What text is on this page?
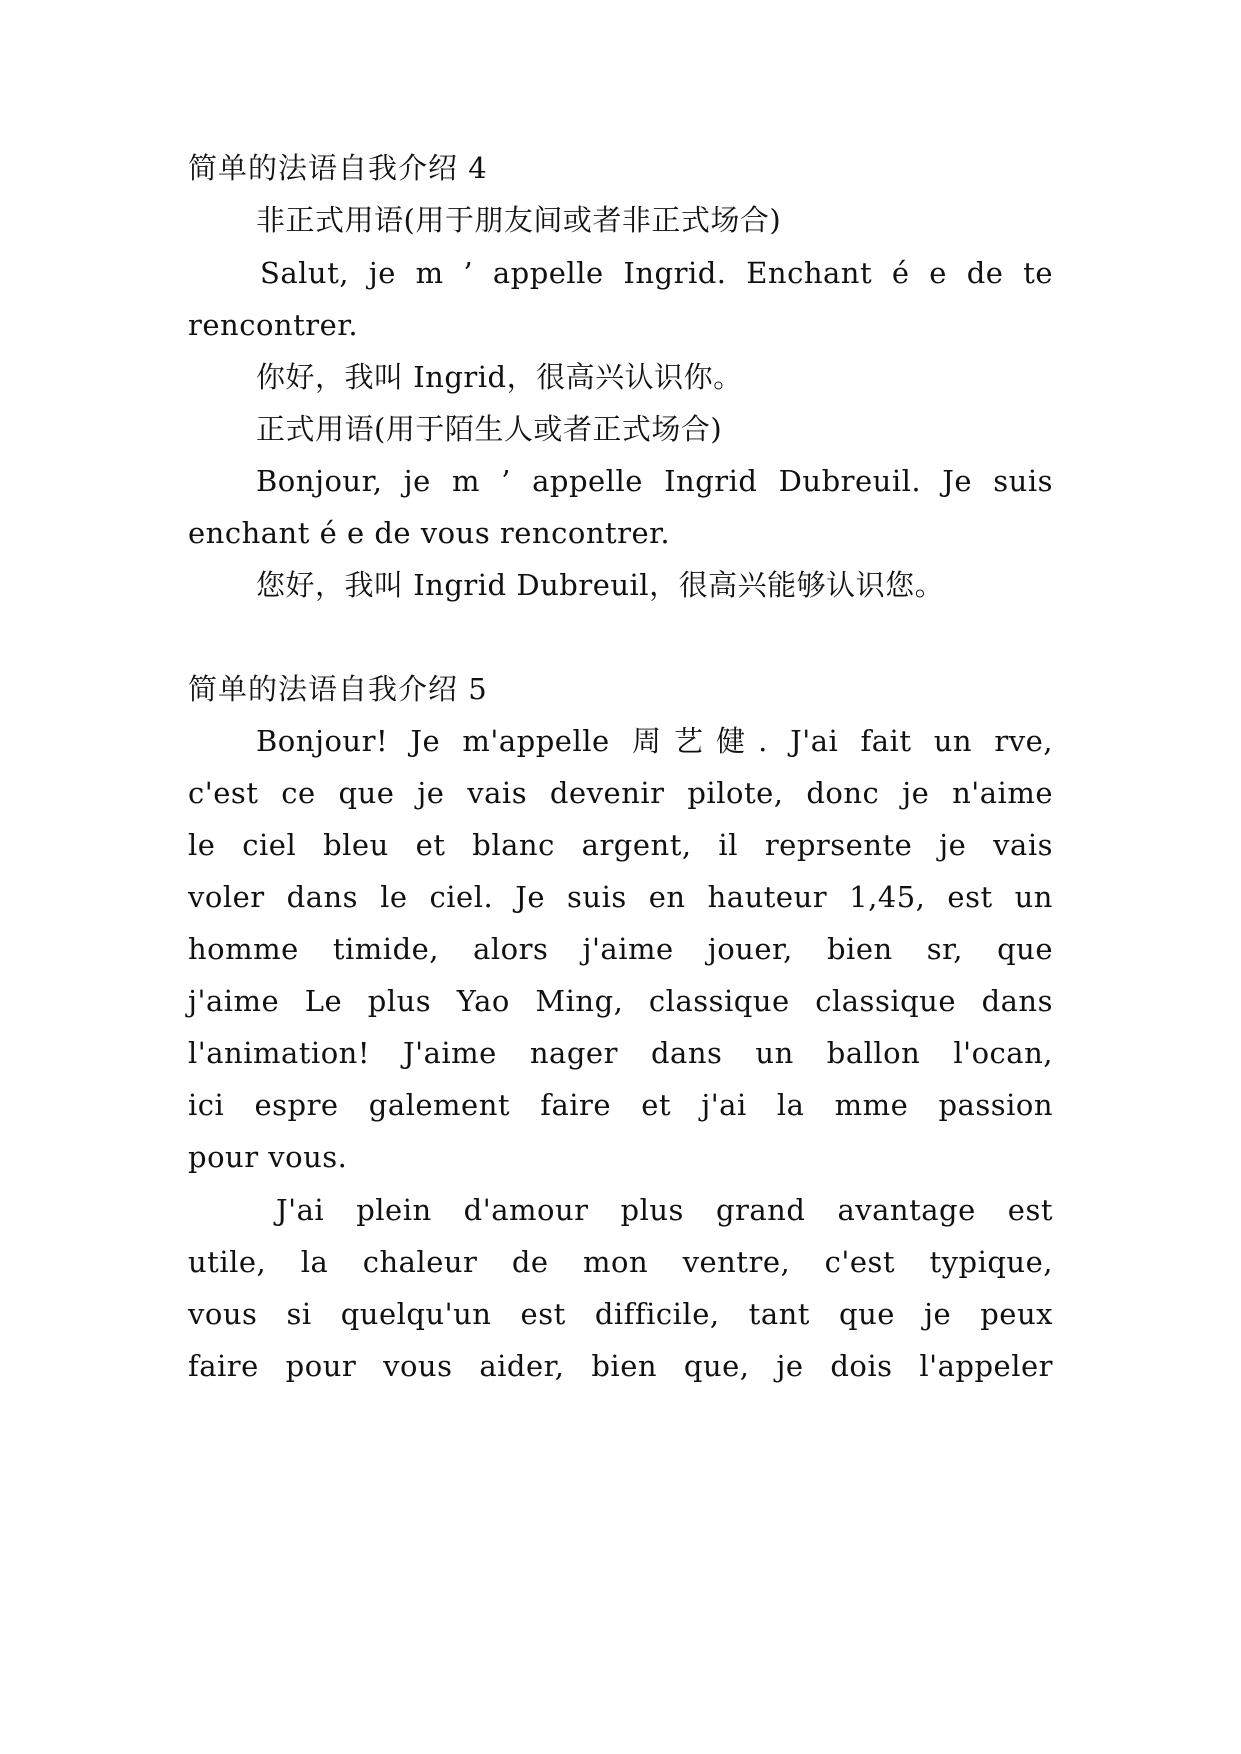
简单的法语自我介绍 4
非正式用语(用于朋友间或者非正式场合)
Salut, je m ’ appelle Ingrid. Enchant é e de te
rencontrer.
你好，我叫 Ingrid，很高兴认识你。
正式用语(用于陌生人或者正式场合)
Bonjour, je m ’ appelle Ingrid Dubreuil. Je suis
enchant é e de vous rencontrer.
您好，我叫 Ingrid Dubreuil，很高兴能够认识您。
简单的法语自我介绍 5
Bonjour! Je m'appelle 周艺健. J'ai fait un rve,
c'est ce que je vais devenir pilote, donc je n'aime
le ciel bleu et blanc argent, il reprsente je vais
voler dans le ciel. Je suis en hauteur 1,45, est un
homme timide, alors j'aime jouer, bien sr, que
j'aime Le plus Yao Ming, classique classique dans
l'animation! J'aime nager dans un ballon l'ocan,
ici espre galement faire et j'ai la mme passion
pour vous.
J'ai plein d'amour plus grand avantage est
utile, la chaleur de mon ventre, c'est typique,
vous si quelqu'un est difficile, tant que je peux
faire pour vous aider, bien que, je dois l'appeler
